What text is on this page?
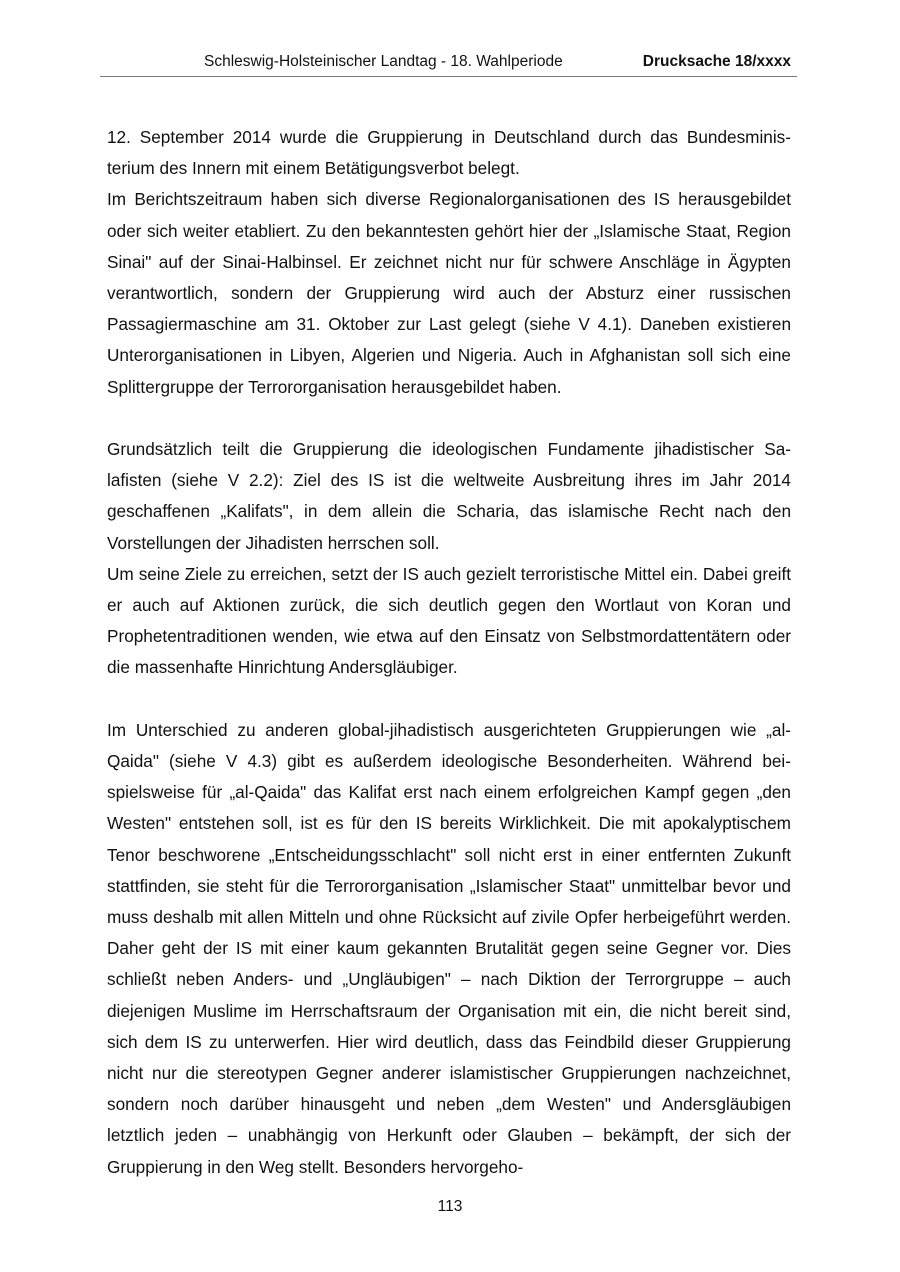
Schleswig-Holsteinischer Landtag - 18. Wahlperiode	Drucksache 18/xxxx

12. September 2014 wurde die Gruppierung in Deutschland durch das Bundesministerium des Innern mit einem Betätigungsverbot belegt.

Im Berichtszeitraum haben sich diverse Regionalorganisationen des IS herausgebildet oder sich weiter etabliert. Zu den bekanntesten gehört hier der „Islamische Staat, Region Sinai" auf der Sinai-Halbinsel. Er zeichnet nicht nur für schwere Anschläge in Ägypten verantwortlich, sondern der Gruppierung wird auch der Absturz einer russischen Passagiermaschine am 31. Oktober zur Last gelegt (siehe V 4.1). Daneben existieren Unterorganisationen in Libyen, Algerien und Nigeria. Auch in Afghanistan soll sich eine Splittergruppe der Terrororganisation herausgebildet haben.

Grundsätzlich teilt die Gruppierung die ideologischen Fundamente jihadistischer Salafisten (siehe V 2.2): Ziel des IS ist die weltweite Ausbreitung ihres im Jahr 2014 geschaffenen „Kalifats", in dem allein die Scharia, das islamische Recht nach den Vorstellungen der Jihadisten herrschen soll.

Um seine Ziele zu erreichen, setzt der IS auch gezielt terroristische Mittel ein. Dabei greift er auch auf Aktionen zurück, die sich deutlich gegen den Wortlaut von Koran und Prophetentraditionen wenden, wie etwa auf den Einsatz von Selbstmordattentätern oder die massenhafte Hinrichtung Andersgläubiger.

Im Unterschied zu anderen global-jihadistisch ausgerichteten Gruppierungen wie „al-Qaida" (siehe V 4.3) gibt es außerdem ideologische Besonderheiten. Während beispielsweise für „al-Qaida" das Kalifat erst nach einem erfolgreichen Kampf gegen „den Westen" entstehen soll, ist es für den IS bereits Wirklichkeit. Die mit apokalyptischem Tenor beschworene „Entscheidungsschlacht" soll nicht erst in einer entfernten Zukunft stattfinden, sie steht für die Terrororganisation „Islamischer Staat" unmittelbar bevor und muss deshalb mit allen Mitteln und ohne Rücksicht auf zivile Opfer herbeigeführt werden. Daher geht der IS mit einer kaum gekannten Brutalität gegen seine Gegner vor. Dies schließt neben Anders- und „Ungläubigen" – nach Diktion der Terrorgruppe – auch diejenigen Muslime im Herrschaftsraum der Organisation mit ein, die nicht bereit sind, sich dem IS zu unterwerfen. Hier wird deutlich, dass das Feindbild dieser Gruppierung nicht nur die stereotypen Gegner anderer islamistischer Gruppierungen nachzeichnet, sondern noch darüber hinausgeht und neben „dem Westen" und Andersgläubigen letztlich jeden – unabhängig von Herkunft oder Glauben – bekämpft, der sich der Gruppierung in den Weg stellt. Besonders hervorgeho-

113
